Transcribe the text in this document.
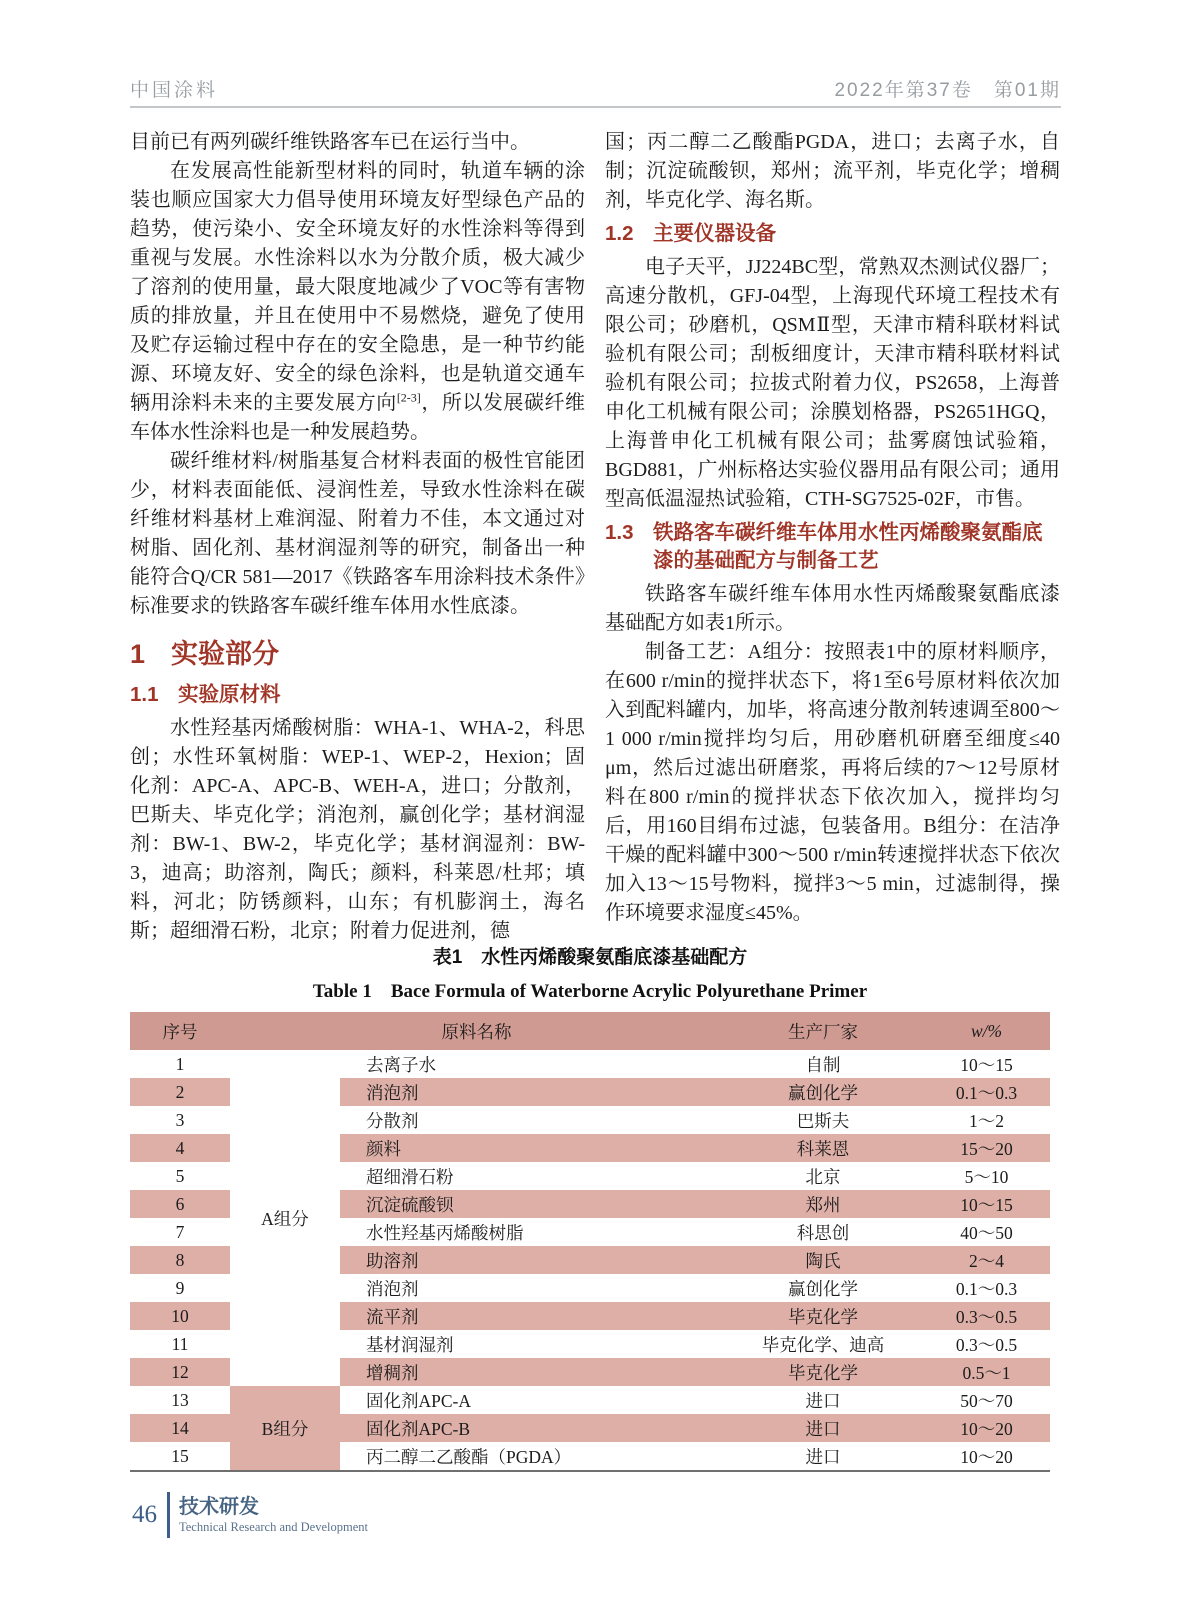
中国涂料	2022年第37卷　第01期

目前已有两列碳纤维铁路客车已在运行当中。

在发展高性能新型材料的同时，轨道车辆的涂装也顺应国家大力倡导使用环境友好型绿色产品的趋势，使污染小、安全环境友好的水性涂料等得到重视与发展。水性涂料以水为分散介质，极大减少了溶剂的使用量，最大限度地减少了VOC等有害物质的排放量，并且在使用中不易燃烧，避免了使用及贮存运输过程中存在的安全隐患，是一种节约能源、环境友好、安全的绿色涂料，也是轨道交通车辆用涂料未来的主要发展方向[2-3]，所以发展碳纤维车体水性涂料也是一种发展趋势。

碳纤维材料/树脂基复合材料表面的极性官能团少，材料表面能低、浸润性差，导致水性涂料在碳纤维材料基材上难润湿、附着力不佳，本文通过对树脂、固化剂、基材润湿剂等的研究，制备出一种能符合Q/CR 581—2017《铁路客车用涂料技术条件》标准要求的铁路客车碳纤维车体用水性底漆。

1 实验部分
1.1 实验原材料

水性羟基丙烯酸树脂：WHA-1、WHA-2，科思创；水性环氧树脂：WEP-1、WEP-2，Hexion；固化剂：APC-A、APC-B、WEH-A，进口；分散剂，巴斯夫、毕克化学；消泡剂，赢创化学；基材润湿剂：BW-1、BW-2，毕克化学；基材润湿剂：BW-3，迪高；助溶剂，陶氏；颜料，科莱恩/杜邦；填料，河北；防锈颜料，山东；有机膨润土，海名斯；超细滑石粉，北京；附着力促进剂，德

国；丙二醇二乙酸酯PGDA，进口；去离子水，自制；沉淀硫酸钡，郑州；流平剂，毕克化学；增稠剂，毕克化学、海名斯。

1.2 主要仪器设备

电子天平，JJ224BC型，常熟双杰测试仪器厂；高速分散机，GFJ-04型，上海现代环境工程技术有限公司；砂磨机，QSMⅡ型，天津市精科联材料试验机有限公司；刮板细度计，天津市精科联材料试验机有限公司；拉拔式附着力仪，PS2658，上海普申化工机械有限公司；涂膜划格器，PS2651HGQ，上海普申化工机械有限公司；盐雾腐蚀试验箱，BGD881，广州标格达实验仪器用品有限公司；通用型高低温湿热试验箱，CTH-SG7525-02F，市售。

1.3 铁路客车碳纤维车体用水性丙烯酸聚氨酯底漆的基础配方与制备工艺

铁路客车碳纤维车体用水性丙烯酸聚氨酯底漆基础配方如表1所示。

制备工艺：A组分：按照表1中的原材料顺序，在600 r/min的搅拌状态下，将1至6号原材料依次加入到配料罐内，加毕，将高速分散剂转速调至800～1 000 r/min搅拌均匀后，用砂磨机研磨至细度≤40 μm，然后过滤出研磨浆，再将后续的7～12号原材料在800 r/min的搅拌状态下依次加入，搅拌均匀后，用160目绢布过滤，包装备用。B组分：在洁净干燥的配料罐中300～500 r/min转速搅拌状态下依次加入13～15号物料，搅拌3～5 min，过滤制得，操作环境要求湿度≤45%。

表1　水性丙烯酸聚氨酯底漆基础配方
Table 1　Bace Formula of Waterborne Acrylic Polyurethane Primer
序号	原料名称		生产厂家	w/%
1	A组分	去离子水	自制	10～15
2		消泡剂	赢创化学	0.1～0.3
3		分散剂	巴斯夫	1～2
4		颜料	科莱恩	15～20
5		超细滑石粉	北京	5～10
6		沉淀硫酸钡	郑州	10～15
7		水性羟基丙烯酸树脂	科思创	40～50
8		助溶剂	陶氏	2～4
9		消泡剂	赢创化学	0.1～0.3
10		流平剂	毕克化学	0.3～0.5
11		基材润湿剂	毕克化学、迪高	0.3～0.5
12		增稠剂	毕克化学	0.5～1
13	B组分	固化剂APC-A	进口	50～70
14		固化剂APC-B	进口	10～20
15		丙二醇二乙酸酯（PGDA）	进口	10～20
46 技术研发
Technical Research and Development
